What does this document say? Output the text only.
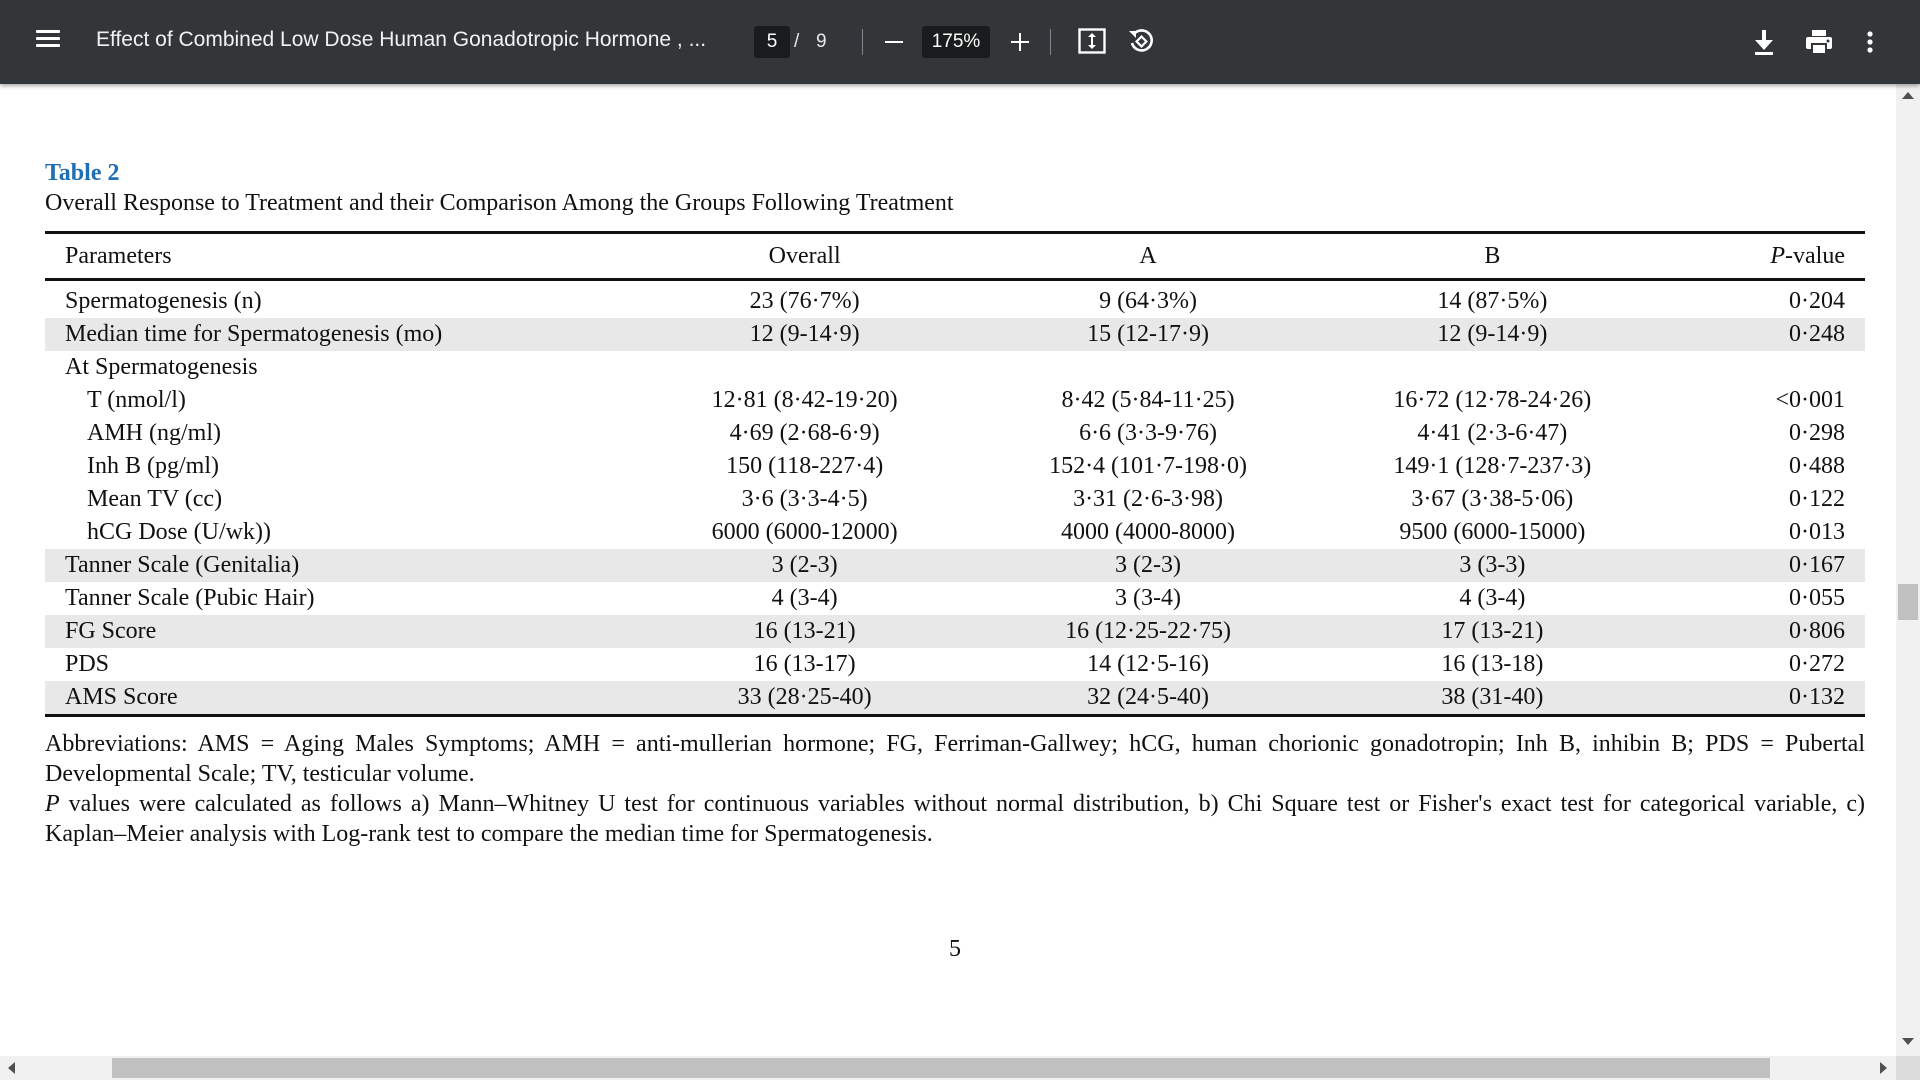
Effect of Combined Low Dose Human Gonadotropic Hormone , ...	5 / 9	175%
Table 2
Overall Response to Treatment and their Comparison Among the Groups Following Treatment
Parameters	Overall	A	B	P-value
Spermatogenesis (n)	23 (76·7%)	9 (64·3%)	14 (87·5%)	0·204
Median time for Spermatogenesis (mo)	12 (9-14·9)	15 (12-17·9)	12 (9-14·9)	0·248
At Spermatogenesis				
T (nmol/l)	12·81 (8·42-19·20)	8·42 (5·84-11·25)	16·72 (12·78-24·26)	<0·001
AMH (ng/ml)	4·69 (2·68-6·9)	6·6 (3·3-9·76)	4·41 (2·3-6·47)	0·298
Inh B (pg/ml)	150 (118-227·4)	152·4 (101·7-198·0)	149·1 (128·7-237·3)	0·488
Mean TV (cc)	3·6 (3·3-4·5)	3·31 (2·6-3·98)	3·67 (3·38-5·06)	0·122
hCG Dose (U/wk))	6000 (6000-12000)	4000 (4000-8000)	9500 (6000-15000)	0·013
Tanner Scale (Genitalia)	3 (2-3)	3 (2-3)	3 (3-3)	0·167
Tanner Scale (Pubic Hair)	4 (3-4)	3 (3-4)	4 (3-4)	0·055
FG Score	16 (13-21)	16 (12·25-22·75)	17 (13-21)	0·806
PDS	16 (13-17)	14 (12·5-16)	16 (13-18)	0·272
AMS Score	33 (28·25-40)	32 (24·5-40)	38 (31-40)	0·132
Abbreviations: AMS = Aging Males Symptoms; AMH = anti-mullerian hormone; FG, Ferriman-Gallwey; hCG, human chorionic gonadotropin; Inh B, inhibin B; PDS = Pubertal Developmental Scale; TV, testicular volume.
P values were calculated as follows a) Mann–Whitney U test for continuous variables without normal distribution, b) Chi Square test or Fisher's exact test for categorical variable, c) Kaplan–Meier analysis with Log-rank test to compare the median time for Spermatogenesis.
5
